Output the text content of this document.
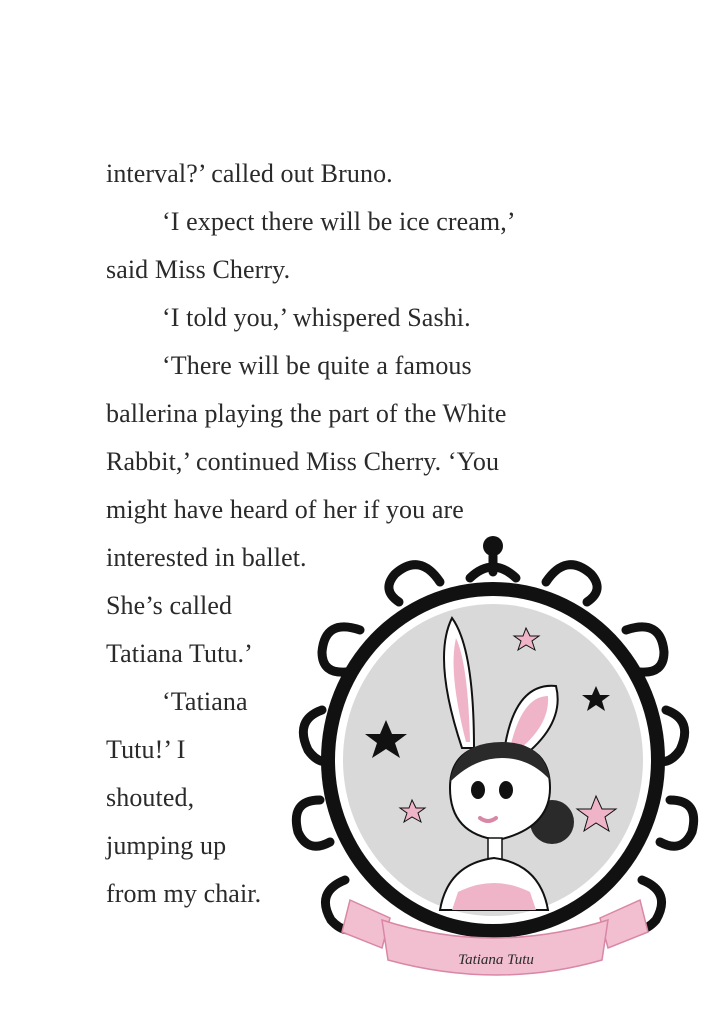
interval?’ called out Bruno.
‘I expect there will be ice cream,’
said Miss Cherry.
‘I told you,’ whispered Sashi.
‘There will be quite a famous
ballerina playing the part of the White
Rabbit,’ continued Miss Cherry. ‘You
might have heard of her if you are
interested in ballet.
She’s called
Tatiana Tutu.’
‘Tatiana
Tutu!’ I
shouted,
jumping up
from my chair.
Tatiana Tutu
